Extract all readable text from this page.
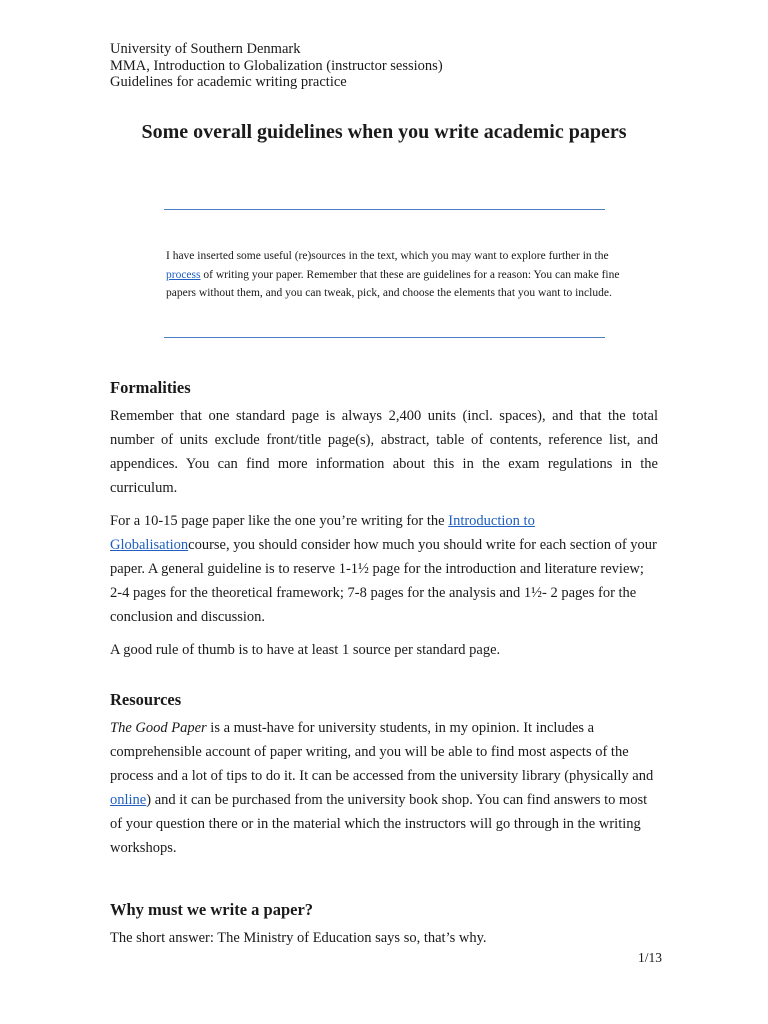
University of Southern Denmark
MMA, Introduction to Globalization (instructor sessions)
Guidelines for academic writing practice
Some overall guidelines when you write academic papers
I have inserted some useful (re)sources in the text, which you may want to explore further in the process of writing your paper. Remember that these are guidelines for a reason: You can make fine papers without them, and you can tweak, pick, and choose the elements that you want to include.
Formalities

Remember that one standard page is always 2,400 units (incl. spaces), and that the total number of units exclude front/title page(s), abstract, table of contents, reference list, and appendices. You can find more information about this in the exam regulations in the curriculum.

For a 10-15 page paper like the one you’re writing for the Introduction to Globalisationcourse, you should consider how much you should write for each section of your paper. A general guideline is to reserve 1-1½ page for the introduction and literature review; 2-4 pages for the theoretical framework; 7-8 pages for the analysis and 1½- 2 pages for the conclusion and discussion.

A good rule of thumb is to have at least 1 source per standard page.

Resources

The Good Paper is a must-have for university students, in my opinion. It includes a comprehensible account of paper writing, and you will be able to find most aspects of the process and a lot of tips to do it. It can be accessed from the university library (physically and online) and it can be purchased from the university book shop. You can find answers to most of your question there or in the material which the instructors will go through in the writing workshops.

Why must we write a paper?

The short answer: The Ministry of Education says so, that’s why.

1/13
